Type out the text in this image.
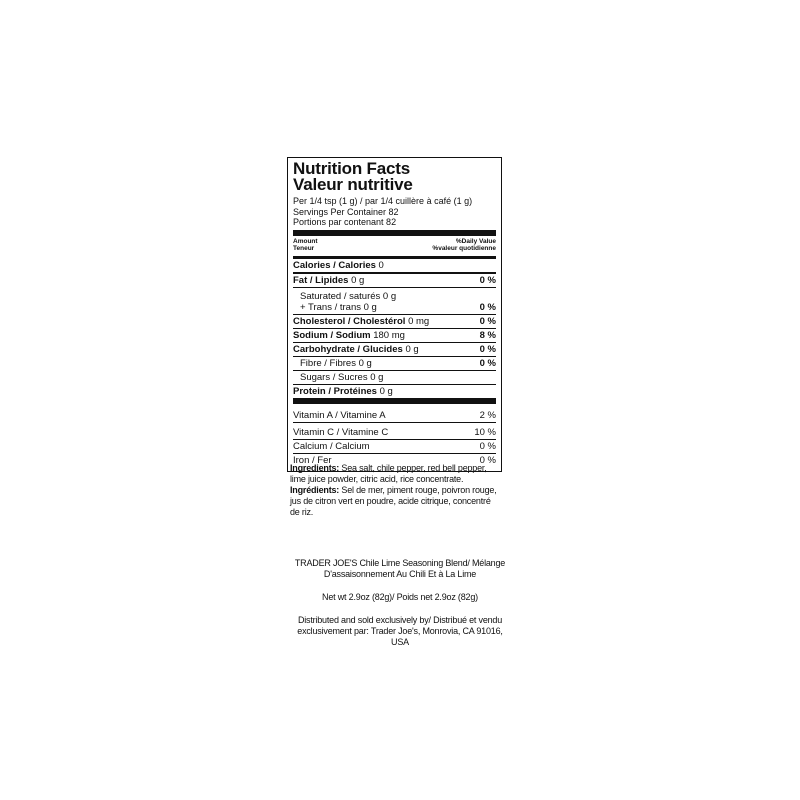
Nutrition Facts
Valeur nutritive
Per 1/4 tsp (1 g) / par 1/4 cuillère à café (1 g)
Servings Per Container 82
Portions par contenant 82
Amount
Teneur
%Daily Value
%valeur quotidienne
Calories / Calories 0
Fat / Lipides 0 g	0 %
Saturated / saturés 0 g
+ Trans / trans 0 g	0 %
Cholesterol / Cholestérol 0 mg	0 %
Sodium / Sodium 180 mg	8 %
Carbohydrate / Glucides 0 g	0 %
Fibre / Fibres 0 g	0 %
Sugars / Sucres 0 g
Protein / Protéines 0 g
Vitamin A / Vitamine A	2 %
Vitamin C / Vitamine C	10 %
Calcium / Calcium	0 %
Iron / Fer	0 %

Ingredients: Sea salt, chile pepper, red bell pepper, lime juice powder, citric acid, rice concentrate.

Ingrédients: Sel de mer, piment rouge, poivron rouge, jus de citron vert en poudre, acide citrique, concentré de riz.

TRADER JOE'S Chile Lime Seasoning Blend/ Mélange D'assaisonnement Au Chili Et à La Lime

Net wt 2.9oz (82g)/ Poids net 2.9oz (82g)

Distributed and sold exclusively by/ Distribué et vendu exclusivement par: Trader Joe's, Monrovia, CA 91016, USA
